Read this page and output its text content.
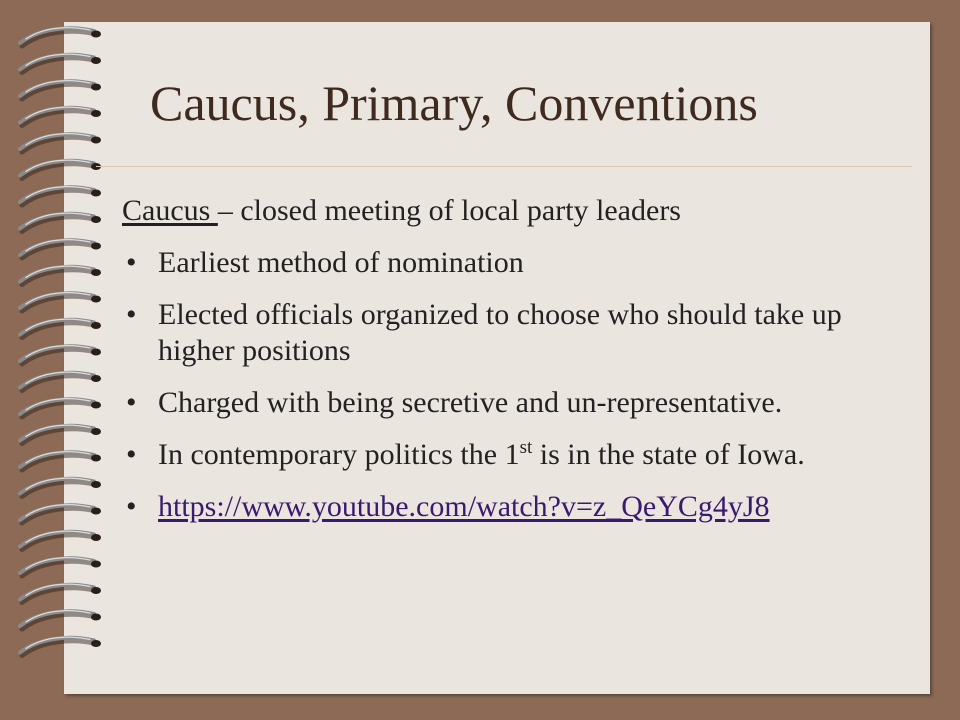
Caucus, Primary, Conventions

Caucus – closed meeting of local party leaders

• Earliest method of nomination
• Elected officials organized to choose who should take up higher positions
• Charged with being secretive and un-representative.
• In contemporary politics the 1st is in the state of Iowa.
• https://www.youtube.com/watch?v=z_QeYCg4yJ8
